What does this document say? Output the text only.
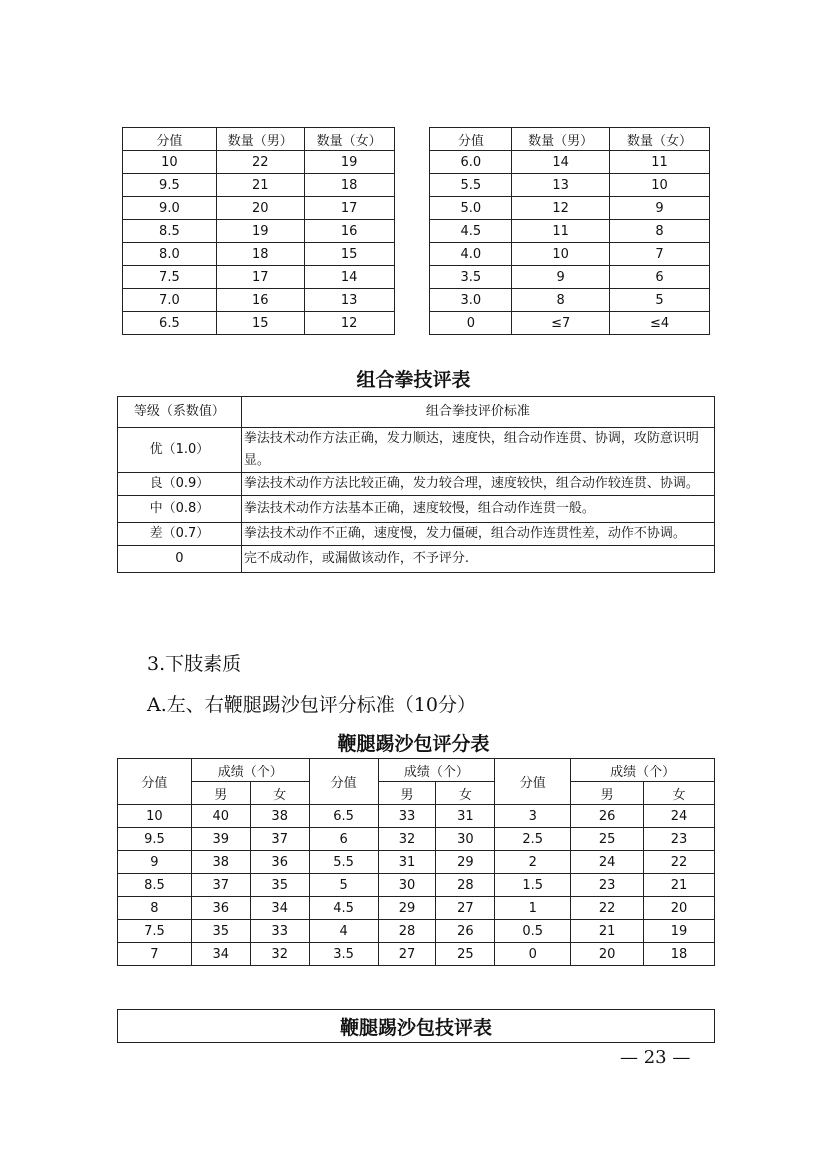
分值	数量（男）	数量（女）		分值	数量（男）	数量（女）
10	22	19		6.0	14	11
9.5	21	18		5.5	13	10
9.0	20	17		5.0	12	9
8.5	19	16		4.5	11	8
8.0	18	15		4.0	10	7
7.5	17	14		3.5	9	6
7.0	16	13		3.0	8	5
6.5	15	12		0	≤7	≤4
组合拳技评表
等级（系数值）	组合拳技评价标准
优（1.0）	拳法技术动作方法正确，发力顺达，速度快，组合动作连贯、协调，攻防意识明显。
良（0.9）	拳法技术动作方法比较正确，发力较合理，速度较快，组合动作较连贯、协调。
中（0.8）	拳法技术动作方法基本正确，速度较慢，组合动作连贯一般。
差（0.7）	拳法技术动作不正确，速度慢，发力僵硬，组合动作连贯性差，动作不协调。
0	完不成动作，或漏做该动作，不予评分.
3.下肢素质
A.左、右鞭腿踢沙包评分标准（10分）
鞭腿踢沙包评分表
分值	成绩（个）		分值	成绩（个）		分值	成绩（个）	
	男	女		男	女		男	女
10	40	38	6.5	33	31	3	26	24
9.5	39	37	6	32	30	2.5	25	23
9	38	36	5.5	31	29	2	24	22
8.5	37	35	5	30	28	1.5	23	21
8	36	34	4.5	29	27	1	22	20
7.5	35	33	4	28	26	0.5	21	19
7	34	32	3.5	27	25	0	20	18
鞭腿踢沙包技评表
— 23 —
